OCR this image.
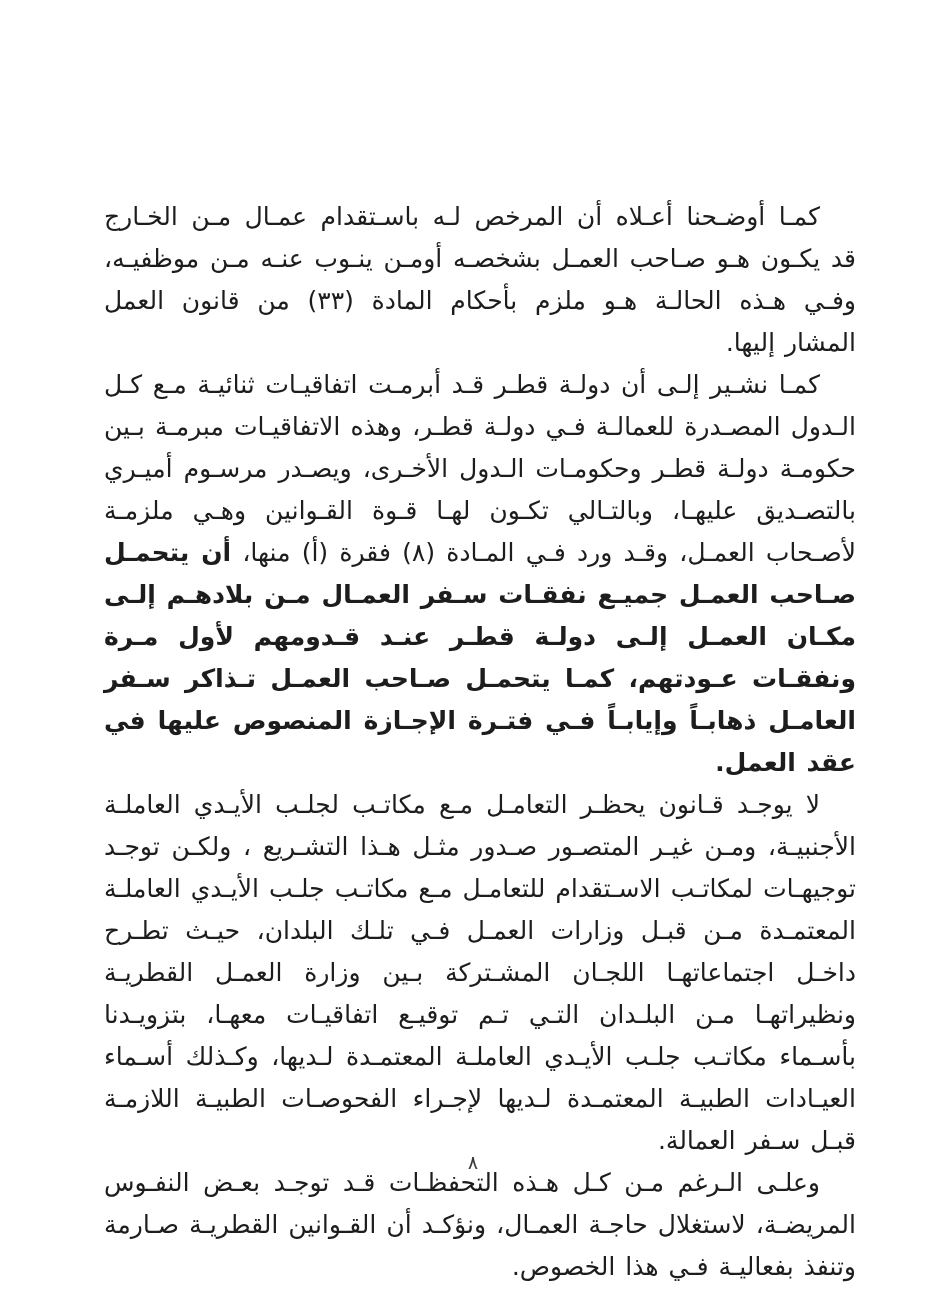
كمـا أوضـحنا أعـلاه أن المرخص لـه باسـتقدام عمـال مـن الخـارج قد يكـون هـو صـاحب العمـل بشخصـه أومـن ينـوب عنـه مـن موظفيـه، وفـي هـذه الحالـة هـو ملزم بأحكام المادة (٣٣) من قانون العمل المشار إليها.

كمـا نشـير إلـى أن دولـة قطـر قـد أبرمـت اتفاقيـات ثنائيـة مـع كـل الـدول المصـدرة للعمالـة فـي دولـة قطـر، وهذه الاتفاقيـات مبرمـة بـين حكومـة دولـة قطـر وحكومـات الـدول الأخـرى، ويصـدر مرسـوم أميـري بالتصـديق عليهـا، وبالتـالي تكـون لهـا قـوة القـوانين وهـي ملزمـة لأصـحاب العمـل، وقـد ورد فـي المـادة (٨) فقرة (أ) منها، أن يتحمـل صـاحب العمـل جميـع نفقـات سـفر العمـال مـن بلادهـم إلـى مكـان العمـل إلـى دولـة قطـر عنـد قـدومهم لأول مـرة ونفقـات عـودتهم، كمـا يتحمـل صـاحب العمـل تـذاكر سـفر العامـل ذهابـاً وإيابـاً فـي فتـرة الإجـازة المنصوص عليها في عقد العمل.

لا يوجـد قـانون يحظـر التعامـل مـع مكاتـب لجلـب الأيـدي العاملـة الأجنبيـة، ومـن غيـر المتصـور صـدور مثـل هـذا التشـريع ، ولكـن توجـد توجيهـات لمكاتـب الاسـتقدام للتعامـل مـع مكاتـب جلـب الأيـدي العاملـة المعتمـدة مـن قبـل وزارات العمـل فـي تلـك البلدان، حيـث تطـرح داخـل اجتماعاتهـا اللجـان المشـتركة بـين وزارة العمـل القطريـة ونظيراتهـا مـن البلـدان التـي تـم توقيـع اتفاقيـات معهـا، بتزويـدنا بأسـماء مكاتـب جلـب الأيـدي العاملـة المعتمـدة لـديها، وكـذلك أسـماء العيـادات الطبيـة المعتمـدة لـديها لإجـراء الفحوصـات الطبيـة اللازمـة قبـل سـفر العمالة.

وعلـى الـرغم مـن كـل هـذه التحفظـات قـد توجـد بعـض النفـوس المريضـة، لاستغلال حاجـة العمـال، ونؤكـد أن القـوانين القطريـة صـارمة وتنفذ بفعاليـة فـي هذا الخصوص.

٨
